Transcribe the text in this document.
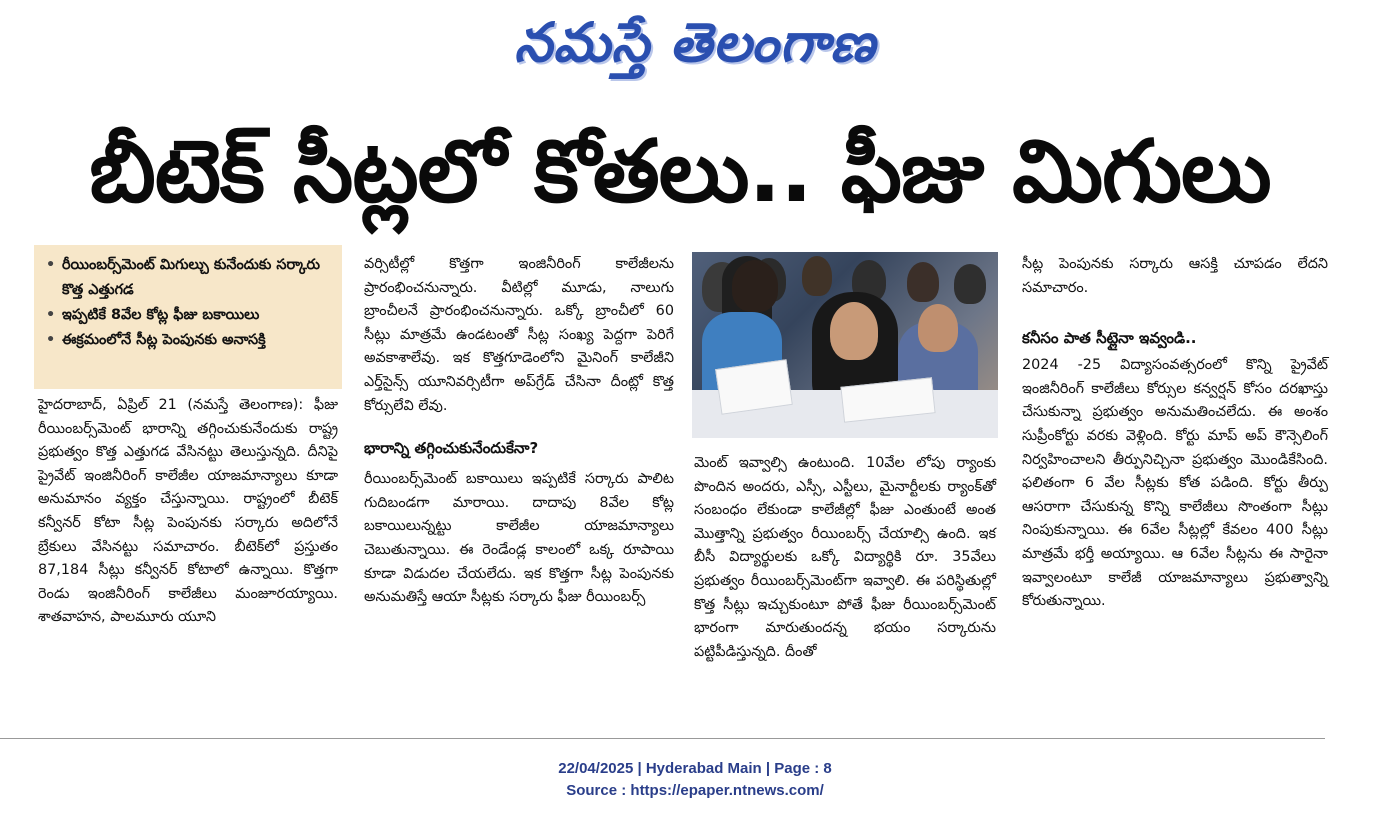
నమస్తే తెలంగాణ
బీటెక్ సీట్లలో కోతలు.. ఫీజు మిగులు
• రీయింబర్స్‌మెంట్ మిగుల్చు కునేందుకు సర్కారు కొత్త ఎత్తుగడ
• ఇప్పటికే 8వేల కోట్ల ఫీజు బకాయిలు
• ఈక్రమంలోనే సీట్ల పెంపునకు అనాసక్తి

హైదరాబాద్, ఏప్రిల్ 21 (నమస్తే తెలంగాణ): ఫీజు రీయింబర్స్‌మెంట్ భారాన్ని తగ్గించుకునేందుకు రాష్ట్ర ప్రభుత్వం కొత్త ఎత్తుగడ వేసినట్టు తెలుస్తున్నది. దీనిపై ప్రైవేట్ ఇంజినీరింగ్ కాలేజీల యాజమాన్యాలు కూడా అనుమానం వ్యక్తం చేస్తున్నాయి. రాష్ట్రంలో బీటెక్ కన్వీనర్ కోటా సీట్ల పెంపునకు సర్కారు అదిలోనే బ్రేకులు వేసినట్టు సమాచారం. బీటెక్‌లో ప్రస్తుతం 87,184 సీట్లు కన్వీనర్ కోటాలో ఉన్నాయి. కొత్తగా రెండు ఇంజినీరింగ్ కాలేజీలు మంజూరయ్యాయి. శాతవాహన, పాలమూరు యూని

వర్సిటీల్లో కొత్తగా ఇంజినీరింగ్ కాలేజీలను ప్రారంభించనున్నారు. వీటిల్లో మూడు, నాలుగు బ్రాంచీలనే ప్రారంభించనున్నారు. ఒక్కో బ్రాంచీలో 60 సీట్లు మాత్రమే ఉండటంతో సీట్ల సంఖ్య పెద్దగా పెరిగే అవకాశాలేవు. ఇక కొత్తగూడెంలోని మైనింగ్ కాలేజీని ఎర్త్‌సైన్స్ యూనివర్సిటీగా అప్‌గ్రేడ్ చేసినా దీంట్లో కొత్త కోర్సులేవి లేవు.

భారాన్ని తగ్గించుకునేందుకేనా?

రీయింబర్స్‌మెంట్ బకాయిలు ఇప్పటికే సర్కారు పాలిట గుదిబండగా మారాయి. దాదాపు 8వేల కోట్ల బకాయిలున్నట్టు కాలేజీల యాజమాన్యాలు చెబుతున్నాయి. ఈ రెండేండ్ల కాలంలో ఒక్క రూపాయి కూడా విడుదల చేయలేదు. ఇక కొత్తగా సీట్ల పెంపునకు అనుమతిస్తే ఆయా సీట్లకు సర్కారు ఫీజు రీయింబర్స్

మెంట్ ఇవ్వాల్సి ఉంటుంది. 10వేల లోపు ర్యాంకు పొందిన అందరు, ఎస్సీ, ఎస్టీలు, మైనార్టీలకు ర్యాంక్‌తో సంబంధం లేకుండా కాలేజీల్లో ఫీజు ఎంతుంటే అంత మొత్తాన్ని ప్రభుత్వం రీయింబర్స్ చేయాల్సి ఉంది. ఇక బీసీ విద్యార్థులకు ఒక్కో విద్యార్థికి రూ. 35వేలు ప్రభుత్వం రీయింబర్స్‌మెంట్‌గా ఇవ్వాలి. ఈ పరిస్థితుల్లో కొత్త సీట్లు ఇచ్చుకుంటూ పోతే ఫీజు రీయింబర్స్‌మెంట్ భారంగా మారుతుందన్న భయం సర్కారును పట్టిపీడిస్తున్నది. దీంతో

సీట్ల పెంపునకు సర్కారు ఆసక్తి చూపడం లేదని సమాచారం.

కనీసం పాత సీట్లైనా ఇవ్వండి..

2024 -25 విద్యాసంవత్సరంలో కొన్ని ప్రైవేట్ ఇంజినీరింగ్ కాలేజీలు కోర్సుల కన్వర్షన్ కోసం దరఖాస్తు చేసుకున్నా ప్రభుత్వం అనుమతించలేదు. ఈ అంశం సుప్రీంకోర్టు వరకు వెళ్లింది. కోర్టు మాప్ అప్ కౌన్సెలింగ్ నిర్వహించాలని తీర్పునిచ్చినా ప్రభుత్వం మొండికేసింది. ఫలితంగా 6 వేల సీట్లకు కోత పడింది. కోర్టు తీర్పు ఆసరాగా చేసుకున్న కొన్ని కాలేజీలు సొంతంగా సీట్లు నింపుకున్నాయి. ఈ 6వేల సీట్లల్లో కేవలం 400 సీట్లు మాత్రమే భర్తీ అయ్యాయి. ఆ 6వేల సీట్లను ఈ సారైనా ఇవ్వాలంటూ కాలేజీ యాజమాన్యాలు ప్రభుత్వాన్ని కోరుతున్నాయి.

22/04/2025 | Hyderabad Main | Page : 8
Source : https://epaper.ntnews.com/
